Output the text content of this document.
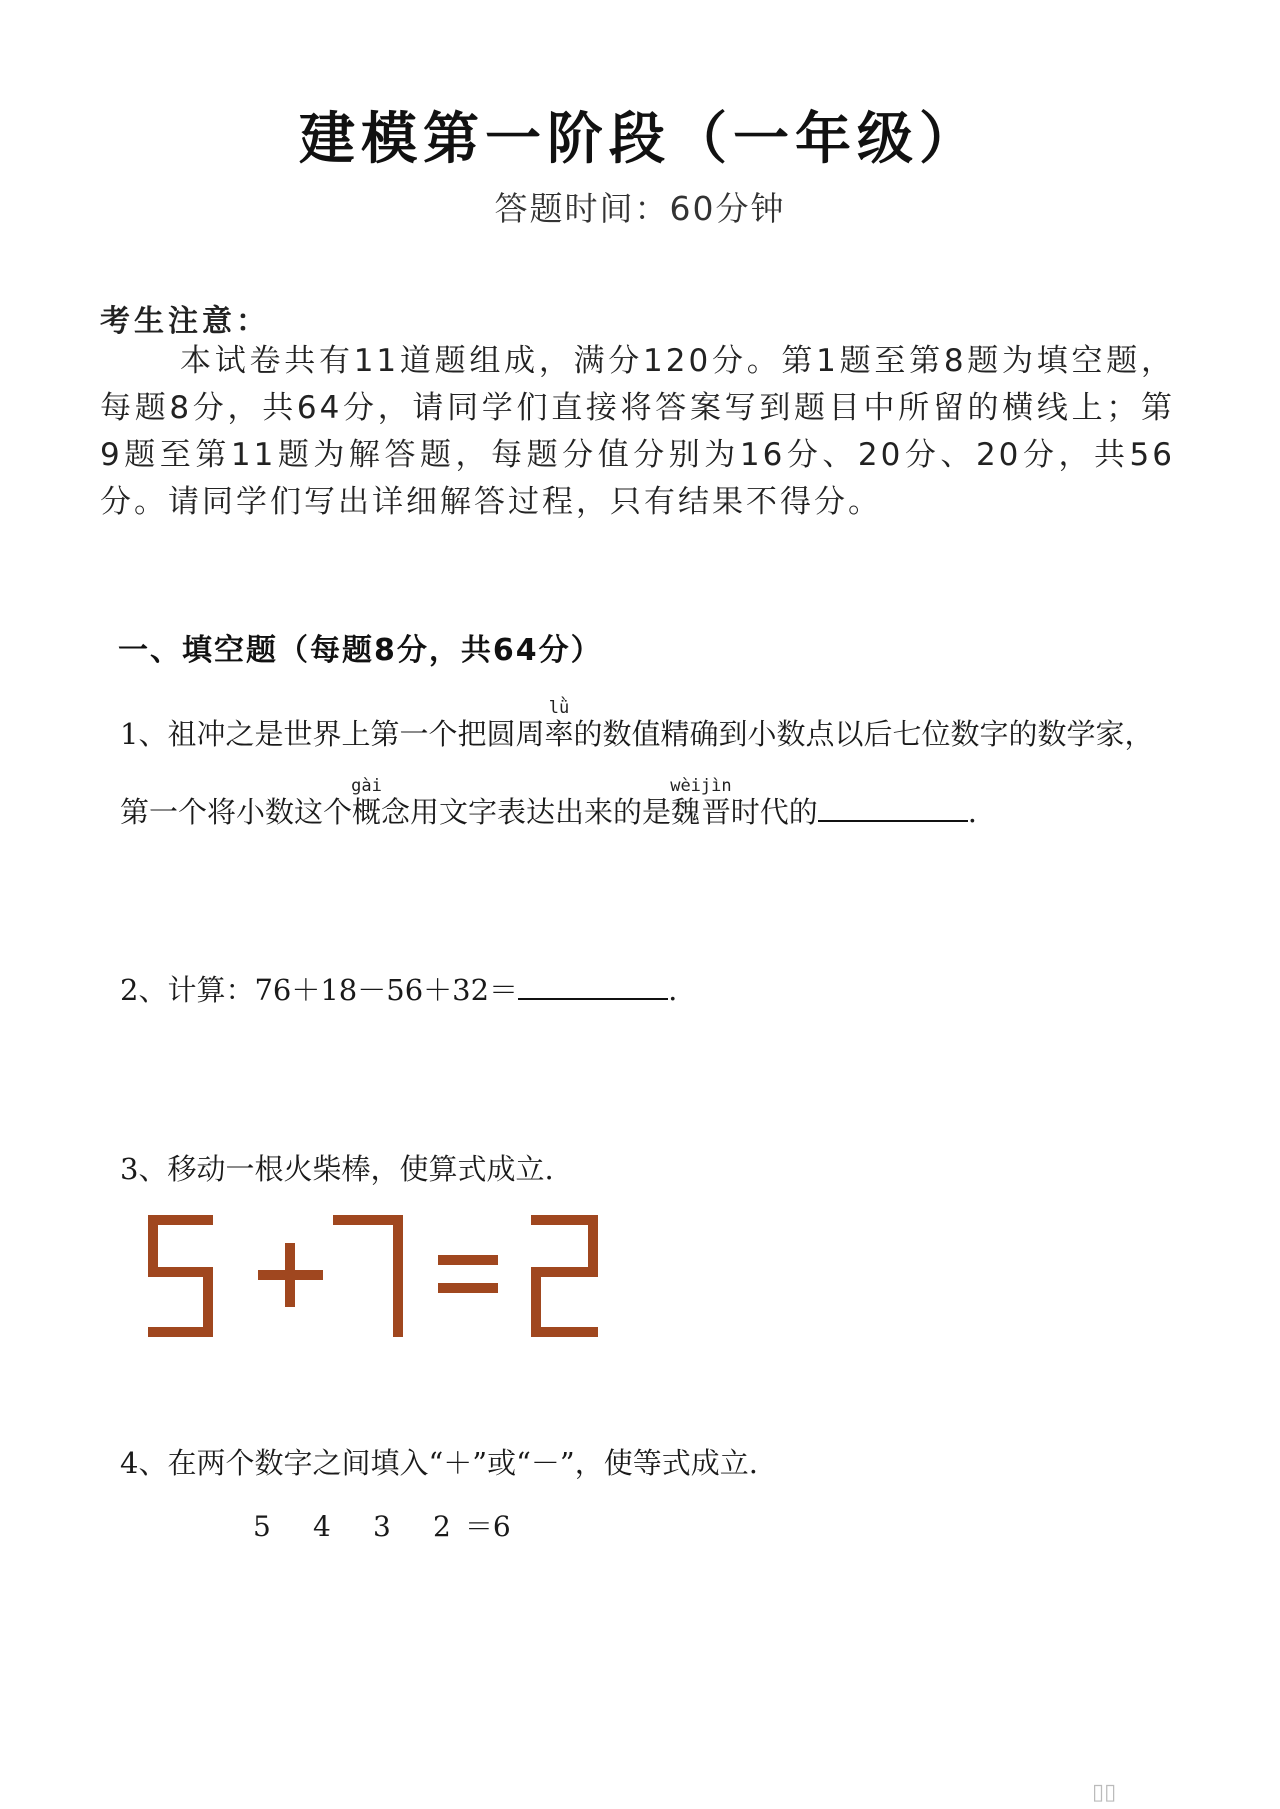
建模第一阶段（一年级）
答题时间：60分钟
考生注意：
本试卷共有11道题组成，满分120分。第1题至第8题为填空题，每题8分，共64分，请同学们直接将答案写到题目中所留的横线上；第9题至第11题为解答题，每题分值分别为16分、20分、20分，共56分。请同学们写出详细解答过程，只有结果不得分。
一、填空题（每题8分，共64分）
1、祖冲之是世界上第一个把圆周率lǜ的数值精确到小数点以后七位数字的数学家，
第一个将小数这个概gài念用文字表达出来的是魏晋wèijìn时代的	.
2、计算：76＋18－56＋32＝	.
3、移动一根火柴棒，使算式成立.
4、在两个数字之间填入“＋”或“－”，使等式成立.
5 4 3 2 ＝6
▯▯
